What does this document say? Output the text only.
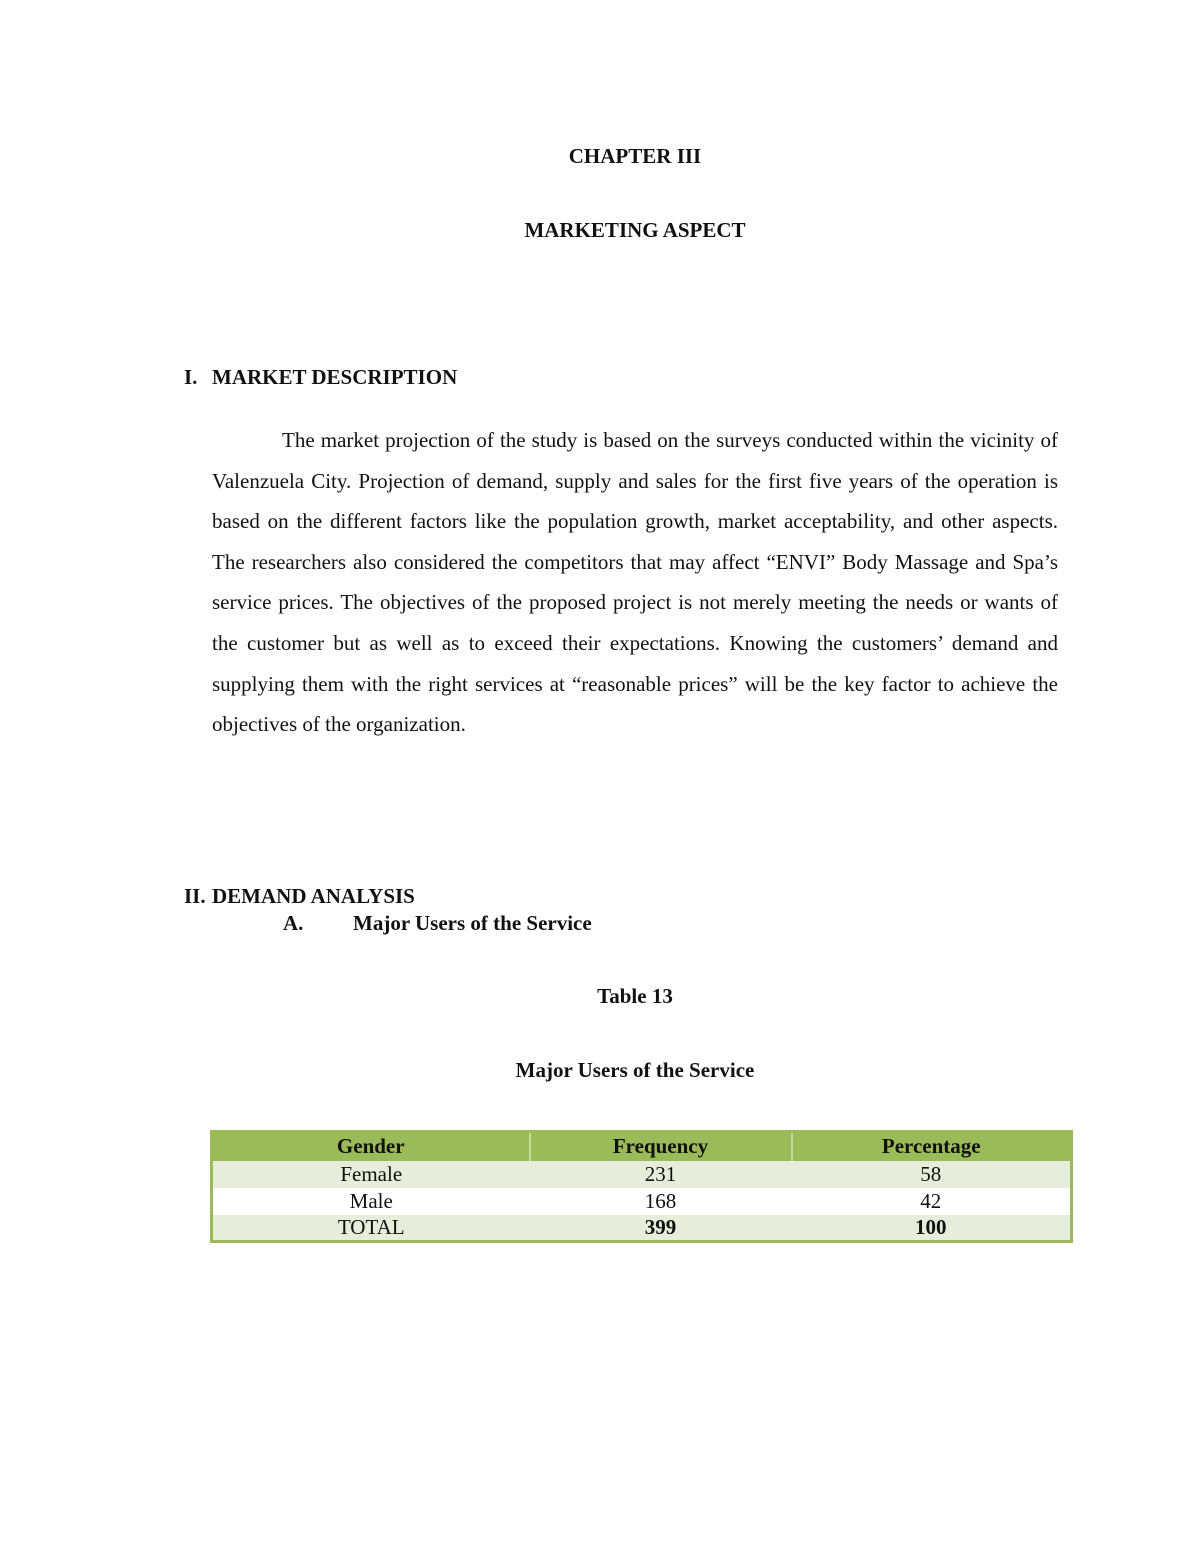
CHAPTER III
MARKETING ASPECT
I. MARKET DESCRIPTION
The market projection of the study is based on the surveys conducted within the vicinity of Valenzuela City. Projection of demand, supply and sales for the first five years of the operation is based on the different factors like the population growth, market acceptability, and other aspects. The researchers also considered the competitors that may affect “ENVI” Body Massage and Spa’s service prices. The objectives of the proposed project is not merely meeting the needs or wants of the customer but as well as to exceed their expectations. Knowing the customers’ demand and supplying them with the right services at “reasonable prices” will be the key factor to achieve the objectives of the organization.
II. DEMAND ANALYSIS
A. Major Users of the Service
Table 13
Major Users of the Service
Gender	Frequency	Percentage
Female	231	58
Male	168	42
TOTAL	399	100
